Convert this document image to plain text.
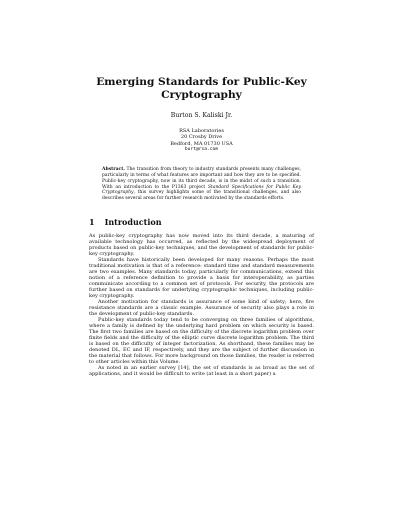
Emerging Standards for Public-Key Cryptography
Burton S. Kaliski Jr.
RSA Laboratories
20 Crosby Drive
Bedford, MA 01730 USA
burt@rsa.com
Abstract. The transition from theory to industry standards presents many challenges, particularly in terms of what features are important and how they are to be specified. Public-key cryptography, now in its third decade, is in the midst of such a transition. With an introduction to the P1363 project Standard Specifications for Public Key Cryptography, this survey highlights some of the transitional challenges, and also describes several areas for further research motivated by the standards efforts.
1 Introduction

As public-key cryptography has now moved into its third decade, a maturing of available technology has occurred, as reflected by the widespread deployment of products based on public-key techniques, and the development of standards for public-key cryptography.

Standards have historically been developed for many reasons. Perhaps the most traditional motivation is that of a reference: standard time and standard measurements are two examples. Many standards today, particularly for communications, extend this notion of a reference definition to provide a basis for interoperability, as parties communicate according to a common set of protocols. For security, the protocols are further based on standards for underlying cryptographic techniques, including public-key cryptography.

Another motivation for standards is assurance of some kind of safety; here, fire resistance standards are a classic example. Assurance of security also plays a role in the development of public-key standards.

Public-key standards today tend to be converging on three families of algorithms, where a family is defined by the underlying hard problem on which security is based. The first two families are based on the difficulty of the discrete logarithm problem over finite fields and the difficulty of the elliptic curve discrete logarithm problem. The third is based on the difficulty of integer factorization. As shorthand, these families may be denoted DL, EC and IF, respectively, and they are the subject of further discussion in the material that follows. For more background on those families, the reader is referred to other articles within this Volume.

As noted in an earlier survey [14], the set of standards is as broad as the set of applications, and it would be difficult to write (at least in a short paper) a
